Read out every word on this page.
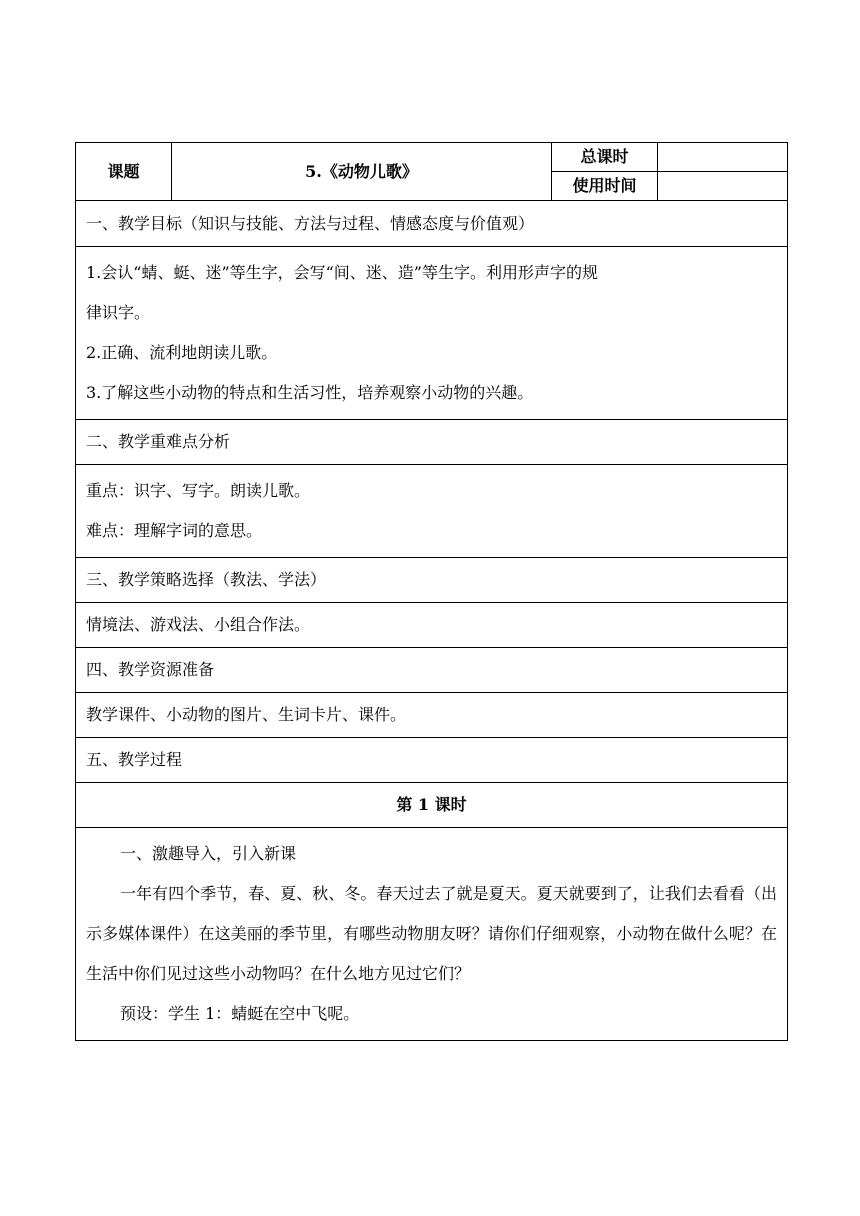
课题	5.《动物儿歌》	总课时	
		使用时间	
一、教学目标（知识与技能、方法与过程、情感态度与价值观）			

1.会认“蜻、蜓、迷”等生字，会写“间、迷、造”等生字。利用形声字的规
律识字。
2.正确、流利地朗读儿歌。
3.了解这些小动物的特点和生活习性，培养观察小动物的兴趣。			

二、教学重难点分析			

重点：识字、写字。朗读儿歌。
难点：理解字词的意思。			

三、教学策略选择（教法、学法）			
情境法、游戏法、小组合作法。			
四、教学资源准备			
教学课件、小动物的图片、生词卡片、课件。			
五、教学过程			
第 1 课时			

一、激趣导入，引入新课
一年有四个季节，春、夏、秋、冬。春天过去了就是夏天。夏天就要到了，让我们去看看（出示多媒体课件）在这美丽的季节里，有哪些动物朋友呀？请你们仔细观察，小动物在做什么呢？在生活中你们见过这些小动物吗？在什么地方见过它们？
预设：学生 1：蜻蜓在空中飞呢。			
